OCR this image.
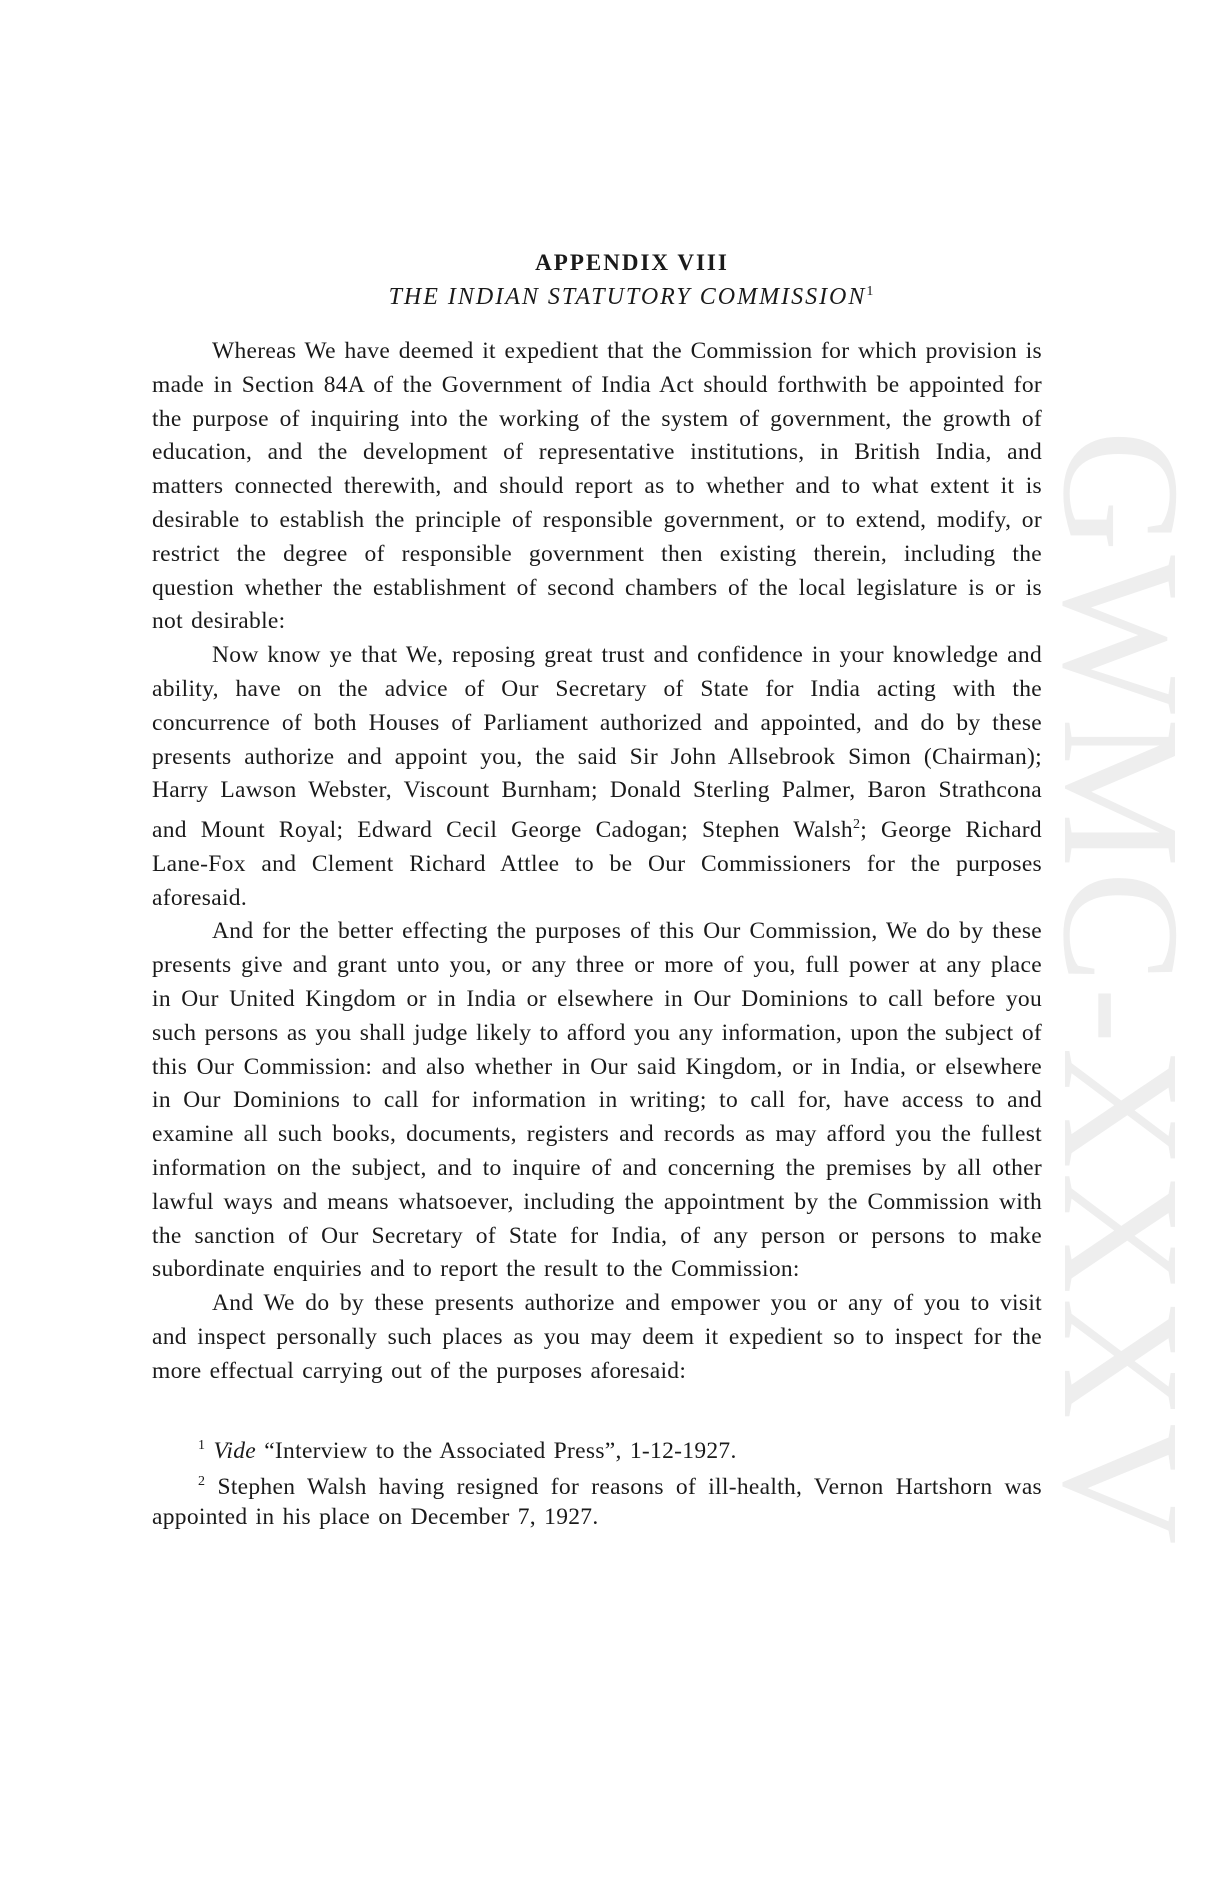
GWMC-XXXV
APPENDIX VIII
THE INDIAN STATUTORY COMMISSION$^1$

Whereas We have deemed it expedient that the Commission for which provision is made in Section 84A of the Government of India Act should forthwith be appointed for the purpose of inquiring into the working of the system of government, the growth of education, and the development of representative institutions, in British India, and matters connected therewith, and should report as to whether and to what extent it is desirable to establish the principle of responsible government, or to extend, modify, or restrict the degree of responsible government then existing therein, including the question whether the establishment of second chambers of the local legislature is or is not desirable:

Now know ye that We, reposing great trust and confidence in your knowledge and ability, have on the advice of Our Secretary of State for India acting with the concurrence of both Houses of Parliament authorized and appointed, and do by these presents authorize and appoint you, the said Sir John Allsebrook Simon (Chairman); Harry Lawson Webster, Viscount Burnham; Donald Sterling Palmer, Baron Strathcona and Mount Royal; Edward Cecil George Cadogan; Stephen Walsh$^2$; George Richard Lane-Fox and Clement Richard Attlee to be Our Commissioners for the purposes aforesaid.

And for the better effecting the purposes of this Our Commission, We do by these presents give and grant unto you, or any three or more of you, full power at any place in Our United Kingdom or in India or elsewhere in Our Dominions to call before you such persons as you shall judge likely to afford you any information, upon the subject of this Our Commission: and also whether in Our said Kingdom, or in India, or elsewhere in Our Dominions to call for information in writing; to call for, have access to and examine all such books, documents, registers and records as may afford you the fullest information on the subject, and to inquire of and concerning the premises by all other lawful ways and means whatsoever, including the appointment by the Commission with the sanction of Our Secretary of State for India, of any person or persons to make subordinate enquiries and to report the result to the Commission:

And We do by these presents authorize and empower you or any of you to visit and inspect personally such places as you may deem it expedient so to inspect for the more effectual carrying out of the purposes aforesaid:

$^1$ Vide “Interview to the Associated Press”, 1-12-1927.

$^2$ Stephen Walsh having resigned for reasons of ill-health, Vernon Hartshorn was appointed in his place on December 7, 1927.
